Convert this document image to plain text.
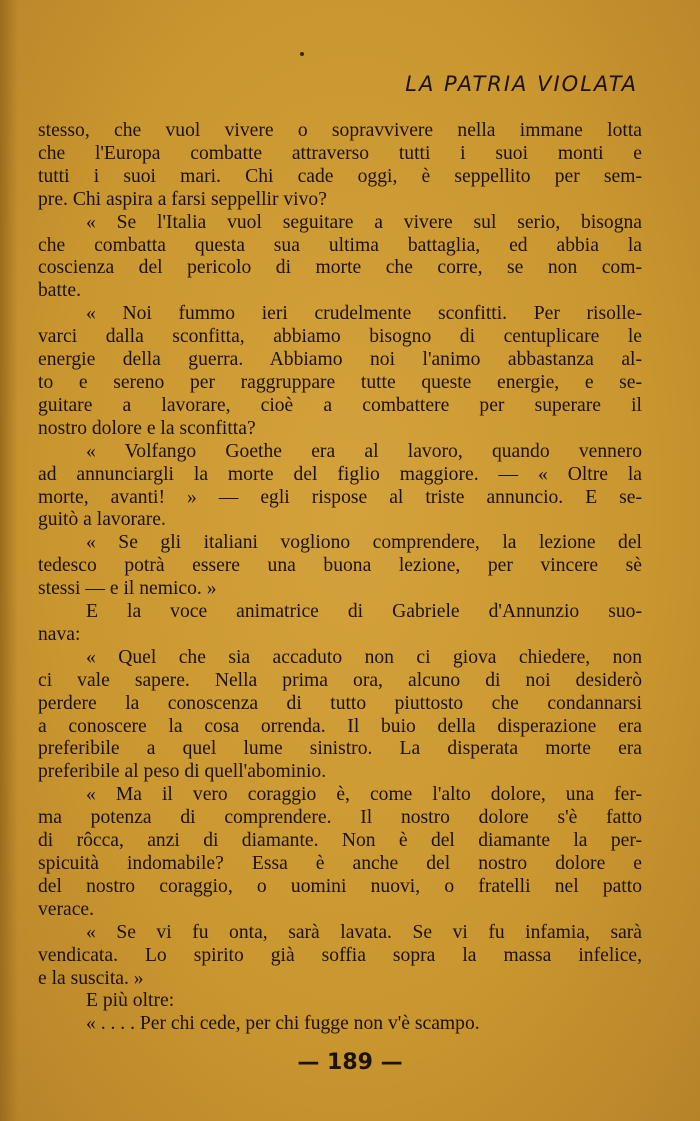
LA PATRIA VIOLATA
stesso, che vuol vivere o sopravvivere nella immane lotta
che l'Europa combatte attraverso tutti i suoi monti e
tutti i suoi mari. Chi cade oggi, è seppellito per sem-
pre. Chi aspira a farsi seppellir vivo?
« Se l'Italia vuol seguitare a vivere sul serio, bisogna
che combatta questa sua ultima battaglia, ed abbia la
coscienza del pericolo di morte che corre, se non com-
batte.
« Noi fummo ieri crudelmente sconfitti. Per risolle-
varci dalla sconfitta, abbiamo bisogno di centuplicare le
energie della guerra. Abbiamo noi l'animo abbastanza al-
to e sereno per raggruppare tutte queste energie, e se-
guitare a lavorare, cioè a combattere per superare il
nostro dolore e la sconfitta?
« Volfango Goethe era al lavoro, quando vennero
ad annunciargli la morte del figlio maggiore. — « Oltre la
morte, avanti! » — egli rispose al triste annuncio. E se-
guitò a lavorare.
« Se gli italiani vogliono comprendere, la lezione del
tedesco potrà essere una buona lezione, per vincere sè
stessi — e il nemico. »
E la voce animatrice di Gabriele d'Annunzio suo-
nava:
« Quel che sia accaduto non ci giova chiedere, non
ci vale sapere. Nella prima ora, alcuno di noi desiderò
perdere la conoscenza di tutto piuttosto che condannarsi
a conoscere la cosa orrenda. Il buio della disperazione era
preferibile a quel lume sinistro. La disperata morte era
preferibile al peso di quell'abominio.
« Ma il vero coraggio è, come l'alto dolore, una fer-
ma potenza di comprendere. Il nostro dolore s'è fatto
di rôcca, anzi di diamante. Non è del diamante la per-
spicuità indomabile? Essa è anche del nostro dolore e
del nostro coraggio, o uomini nuovi, o fratelli nel patto
verace.
« Se vi fu onta, sarà lavata. Se vi fu infamia, sarà
vendicata. Lo spirito già soffia sopra la massa infelice,
e la suscita. »
E più oltre:
« . . . . Per chi cede, per chi fugge non v'è scampo.
— 189 —
